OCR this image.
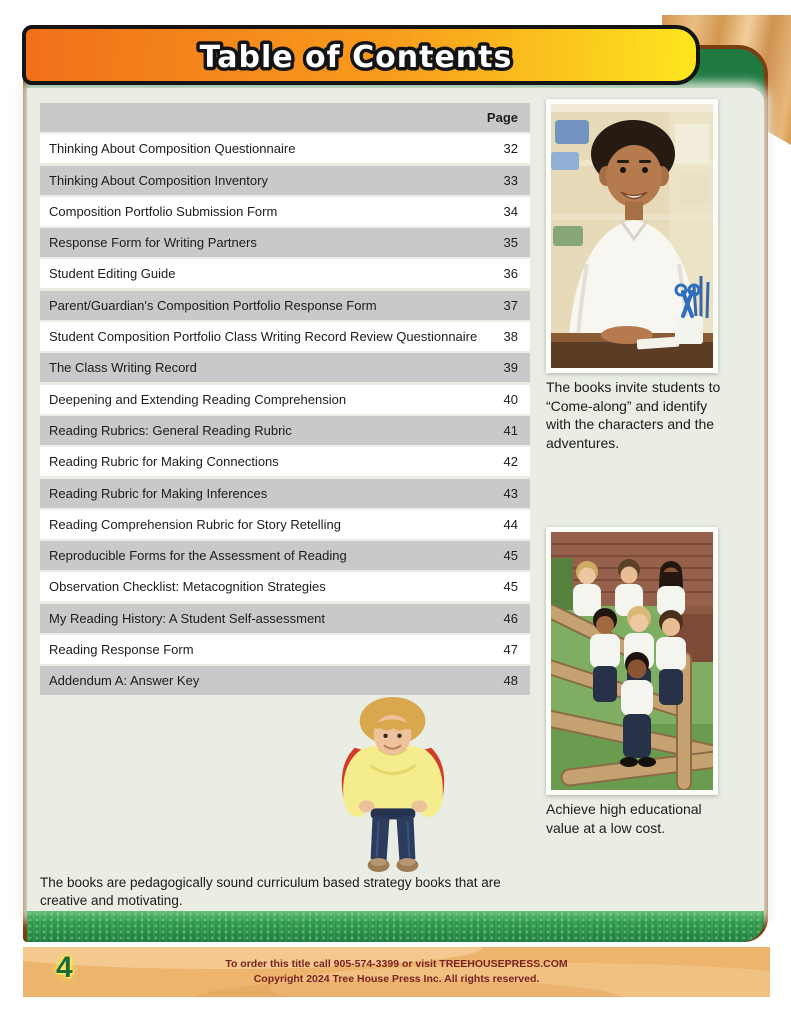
Table of Contents
Page
Thinking About Composition Questionnaire	32
Thinking About Composition Inventory	33
Composition Portfolio Submission Form	34
Response Form for Writing Partners	35
Student Editing Guide	36
Parent/Guardian's Composition Portfolio Response Form	37
Student Composition Portfolio Class Writing Record Review Questionnaire	38
The Class Writing Record	39
Deepening and Extending Reading Comprehension	40
Reading Rubrics: General Reading Rubric	41
Reading Rubric for Making Connections	42
Reading Rubric for Making Inferences	43
Reading Comprehension Rubric for Story Retelling	44
Reproducible Forms for the Assessment of Reading	45
Observation Checklist: Metacognition Strategies	45
My Reading History: A Student Self-assessment	46
Reading Response Form	47
Addendum A: Answer Key	48
The books invite students to “Come-along” and identify with the characters and the adventures.
Achieve high educational value at a low cost.
The books are pedagogically sound curriculum based strategy books that are creative and motivating.
4	To order this title call 905-574-3399 or visit TREEHOUSEPRESS.COM
Copyright 2024 Tree House Press Inc. All rights reserved.
